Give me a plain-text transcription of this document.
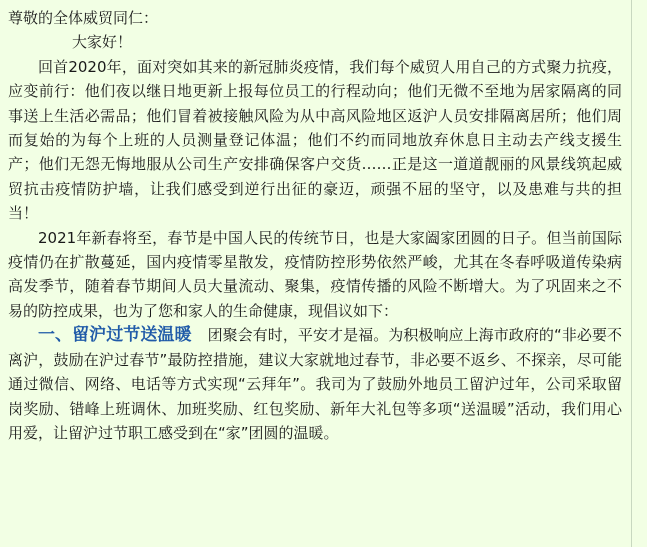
尊敬的全体威贸同仁：

大家好！

回首2020年，面对突如其来的新冠肺炎疫情，我们每个威贸人用自己的方式聚力抗疫，应变前行：他们夜以继日地更新上报每位员工的行程动向；他们无微不至地为居家隔离的同事送上生活必需品；他们冒着被接触风险为从中高风险地区返沪人员安排隔离居所；他们周而复始的为每个上班的人员测量登记体温；他们不约而同地放弃休息日主动去产线支援生产；他们无怨无悔地服从公司生产安排确保客户交货……正是这一道道靓丽的风景线筑起威贸抗击疫情防护墙，让我们感受到逆行出征的豪迈，顽强不屈的坚守，以及患难与共的担当！

2021年新春将至，春节是中国人民的传统节日，也是大家阖家团圆的日子。但当前国际疫情仍在扩散蔓延，国内疫情零星散发，疫情防控形势依然严峻，尤其在冬春呼吸道传染病高发季节，随着春节期间人员大量流动、聚集，疫情传播的风险不断增大。为了巩固来之不易的防控成果，也为了您和家人的生命健康，现倡议如下：

一、留沪过节送温暖 团聚会有时，平安才是福。为积极响应上海市政府的“非必要不离沪，鼓励在沪过春节”最防控措施，建议大家就地过春节，非必要不返乡、不探亲，尽可能通过微信、网络、电话等方式实现“云拜年”。我司为了鼓励外地员工留沪过年，公司采取留岗奖励、错峰上班调休、加班奖励、红包奖励、新年大礼包等多项“送温暖”活动，我们用心用爱，让留沪过节职工感受到在“家”团圆的温暖。
